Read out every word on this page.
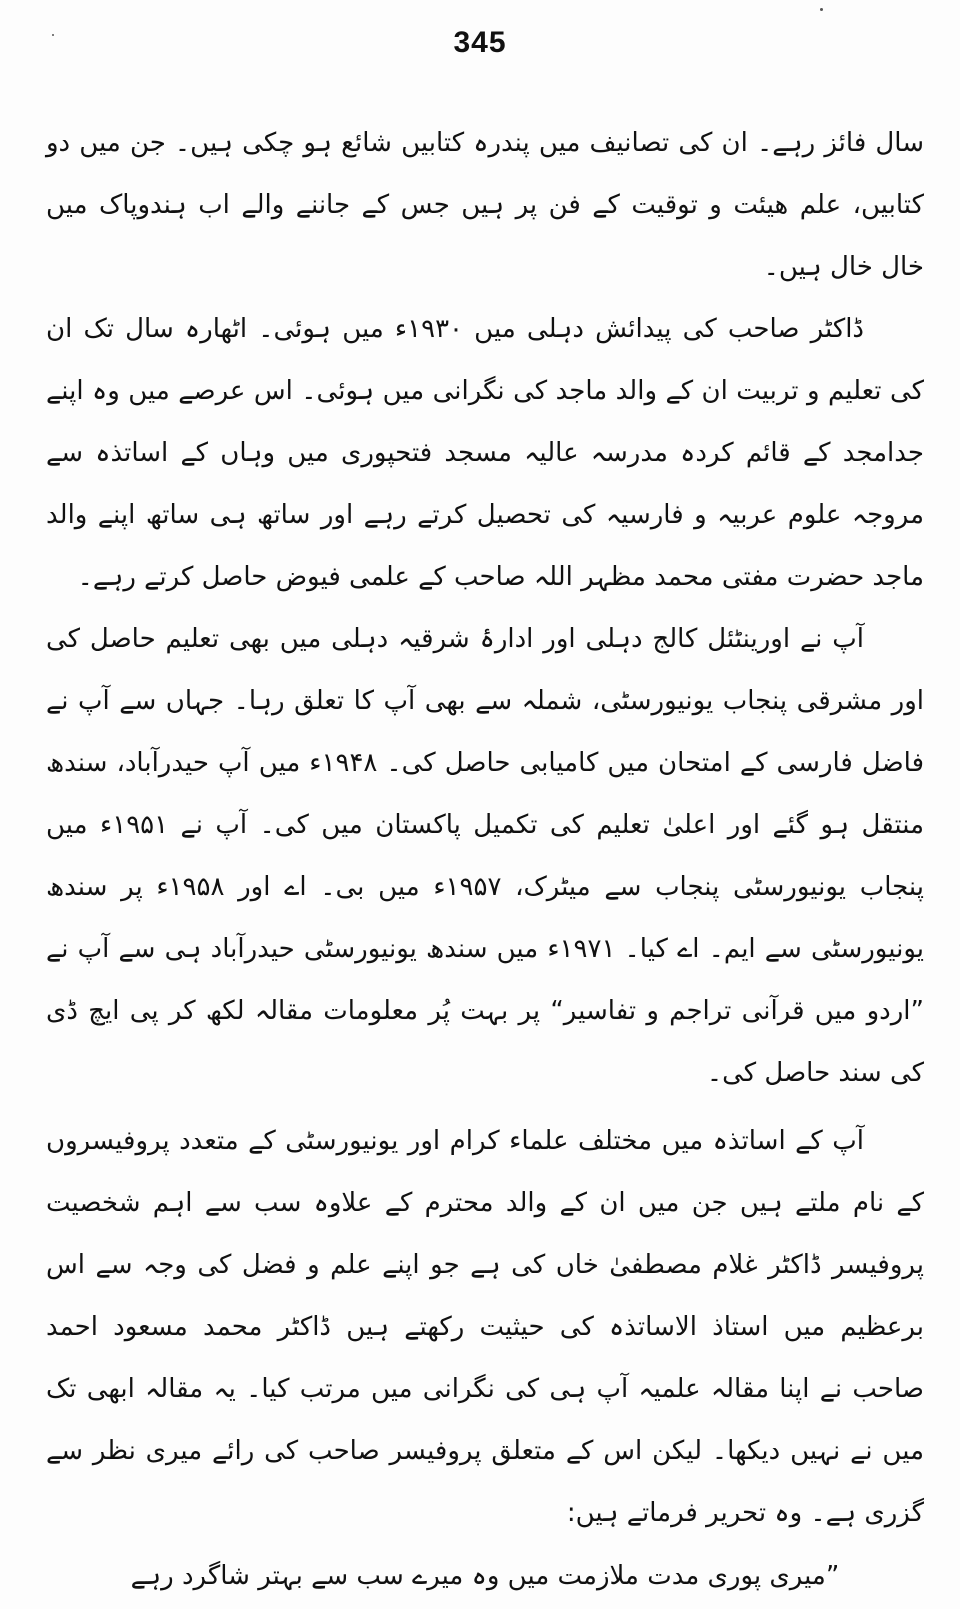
345

سال فائز رہے۔ ان کی تصانیف میں پندرہ کتابیں شائع ہو چکی ہیں۔ جن میں دو کتابیں، علم ھیئت و توقیت کے فن پر ہیں جس کے جاننے والے اب ہندوپاک میں خال خال ہیں۔

ڈاکٹر صاحب کی پیدائش دہلی میں ۱۹۳۰ء میں ہوئی۔ اٹھارہ سال تک ان کی تعلیم و تربیت ان کے والد ماجد کی نگرانی میں ہوئی۔ اس عرصے میں وہ اپنے جدامجد کے قائم کردہ مدرسہ عالیہ مسجد فتحپوری میں وہاں کے اساتذہ سے مروجہ علوم عربیہ و فارسیہ کی تحصیل کرتے رہے اور ساتھ ہی ساتھ اپنے والد ماجد حضرت مفتی محمد مظہر اللہ صاحب کے علمی فیوض حاصل کرتے رہے۔

آپ نے اورینٹئل کالج دہلی اور ادارۂ شرقیہ دہلی میں بھی تعلیم حاصل کی اور مشرقی پنجاب یونیورسٹی، شملہ سے بھی آپ کا تعلق رہا۔ جہاں سے آپ نے فاضل فارسی کے امتحان میں کامیابی حاصل کی۔ ۱۹۴۸ء میں آپ حیدرآباد، سندھ منتقل ہو گئے اور اعلیٰ تعلیم کی تکمیل پاکستان میں کی۔ آپ نے ۱۹۵۱ء میں پنجاب یونیورسٹی پنجاب سے میٹرک، ۱۹۵۷ء میں بی۔ اے اور ۱۹۵۸ء پر سندھ یونیورسٹی سے ایم۔ اے کیا۔ ۱۹۷۱ء میں سندھ یونیورسٹی حیدرآباد ہی سے آپ نے ”اردو میں قرآنی تراجم و تفاسیر“ پر بہت پُر معلومات مقالہ لکھ کر پی ایچ ڈی کی سند حاصل کی۔

آپ کے اساتذہ میں مختلف علماء کرام اور یونیورسٹی کے متعدد پروفیسروں کے نام ملتے ہیں جن میں ان کے والد محترم کے علاوہ سب سے اہم شخصیت پروفیسر ڈاکٹر غلام مصطفیٰ خاں کی ہے جو اپنے علم و فضل کی وجہ سے اس برعظیم میں استاذ الاساتذہ کی حیثیت رکھتے ہیں ڈاکٹر محمد مسعود احمد صاحب نے اپنا مقالہ علمیہ آپ ہی کی نگرانی میں مرتب کیا۔ یہ مقالہ ابھی تک میں نے نہیں دیکھا۔ لیکن اس کے متعلق پروفیسر صاحب کی رائے میری نظر سے گزری ہے۔ وہ تحریر فرماتے ہیں:

”میری پوری مدت ملازمت میں وہ میرے سب سے بہتر شاگرد رہے
